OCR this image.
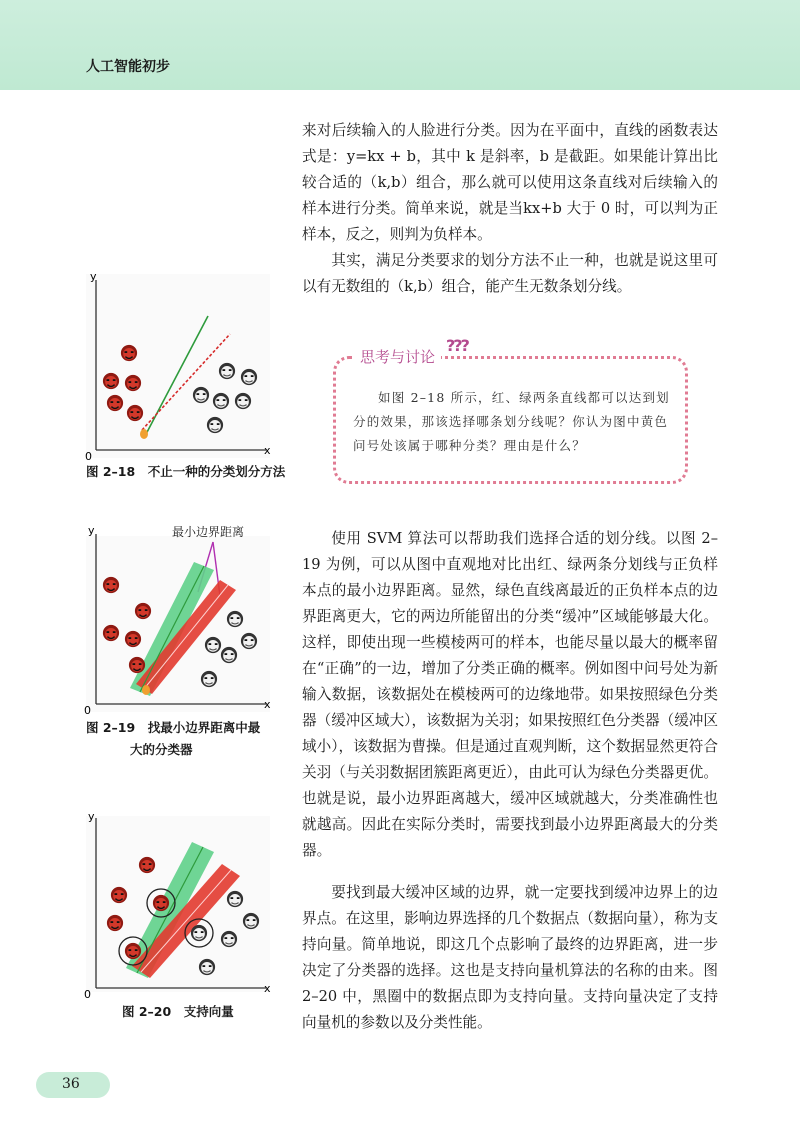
人工智能初步

来对后续输入的人脸进行分类。因为在平面中，直线的函数表达式是：y=kx + b，其中 k 是斜率，b 是截距。如果能计算出比较合适的（k,b）组合，那么就可以使用这条直线对后续输入的样本进行分类。简单来说，就是当kx+b 大于 0 时，可以判为正样本，反之，则判为负样本。

其实，满足分类要求的划分方法不止一种，也就是说这里可以有无数组的（k,b）组合，能产生无数条划分线。

思考与讨论
???

如图 2–18 所示，红、绿两条直线都可以达到划分的效果，那该选择哪条划分线呢？你认为图中黄色问号处该属于哪种分类？理由是什么？

使用 SVM 算法可以帮助我们选择合适的划分线。以图 2–19 为例，可以从图中直观地对比出红、绿两条分划线与正负样本点的最小边界距离。显然，绿色直线离最近的正负样本点的边界距离更大，它的两边所能留出的分类“缓冲”区域能够最大化。这样，即使出现一些模棱两可的样本，也能尽量以最大的概率留在“正确”的一边，增加了分类正确的概率。例如图中问号处为新输入数据，该数据处在模棱两可的边缘地带。如果按照绿色分类器（缓冲区域大），该数据为关羽；如果按照红色分类器（缓冲区域小），该数据为曹操。但是通过直观判断，这个数据显然更符合关羽（与关羽数据团簇距离更近），由此可认为绿色分类器更优。也就是说，最小边界距离越大，缓冲区域就越大，分类准确性也就越高。因此在实际分类时，需要找到最小边界距离最大的分类器。

要找到最大缓冲区域的边界，就一定要找到缓冲边界上的边界点。在这里，影响边界选择的几个数据点（数据向量），称为支持向量。简单地说，即这几个点影响了最终的边界距离，进一步决定了分类器的选择。这也是支持向量机算法的名称的由来。图 2–20 中，黑圈中的数据点即为支持向量。支持向量决定了支持向量机的参数以及分类性能。

y
x
0

图 2–18　不止一种的分类划分方法

y
x
0
最小边界距离

图 2–19　找最小边界距离中最

大的分类器

y
x
0

图 2–20　支持向量

36
